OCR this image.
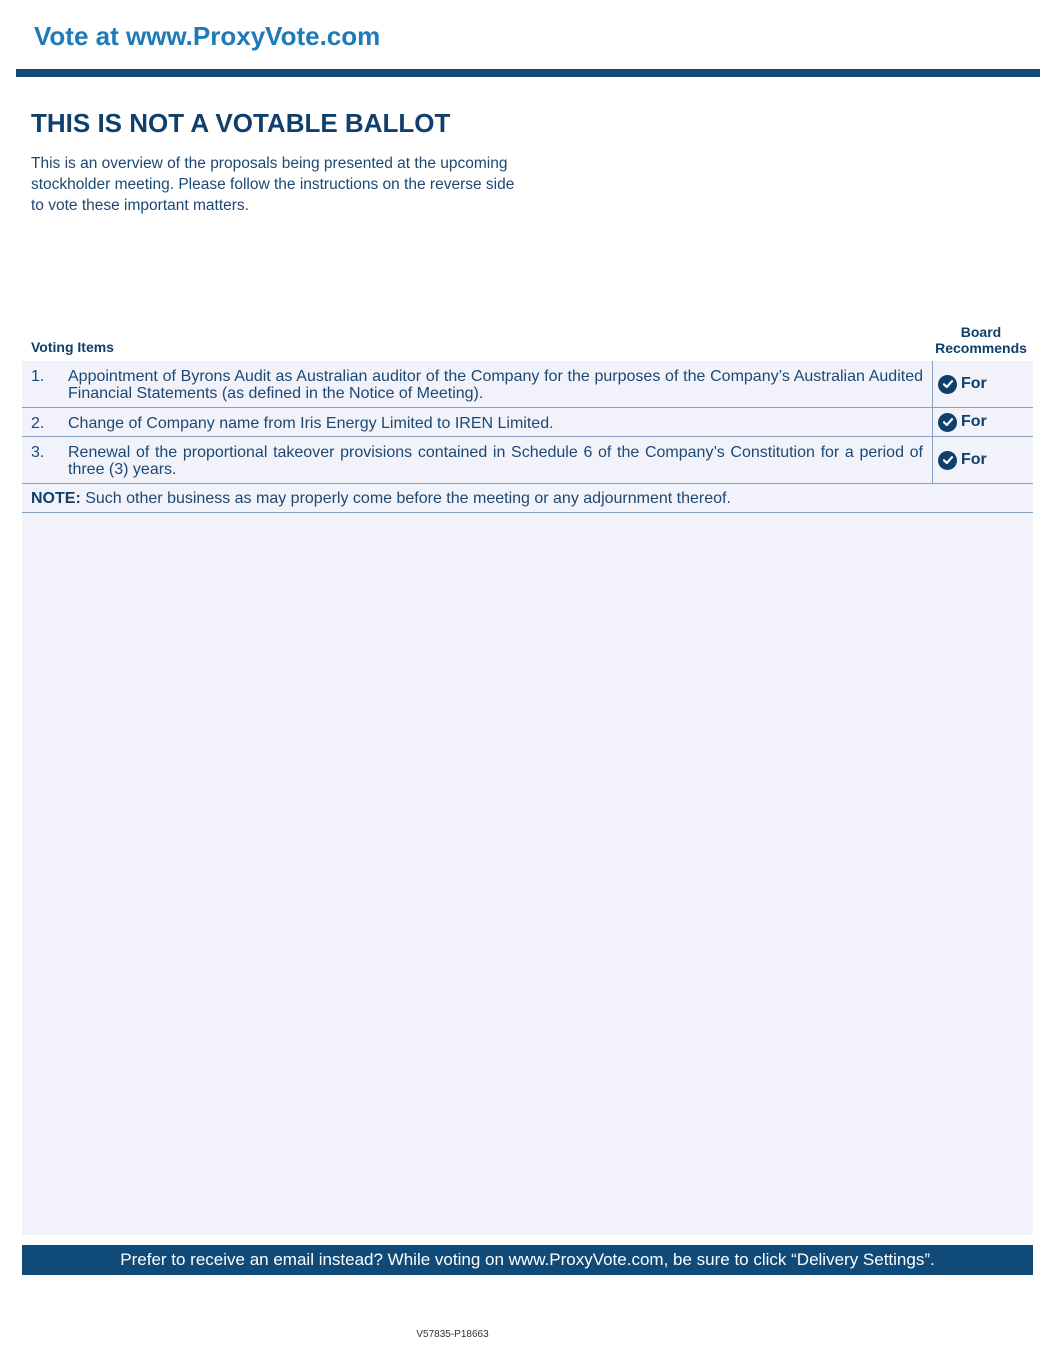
Vote at www.ProxyVote.com
THIS IS NOT A VOTABLE BALLOT

This is an overview of the proposals being presented at the upcoming stockholder meeting. Please follow the instructions on the reverse side to vote these important matters.

Voting Items
Board
Recommends
1. Appointment of Byrons Audit as Australian auditor of the Company for the purposes of the Company’s Australian Audited Financial Statements (as defined in the Notice of Meeting).
For
2. Change of Company name from Iris Energy Limited to IREN Limited.	For
3. Renewal of the proportional takeover provisions contained in Schedule 6 of the Company’s Constitution for a period of three (3) years.
For
NOTE: Such other business as may properly come before the meeting or any adjournment thereof.
Prefer to receive an email instead? While voting on www.ProxyVote.com, be sure to click “Delivery Settings”.
V57835-P18663
